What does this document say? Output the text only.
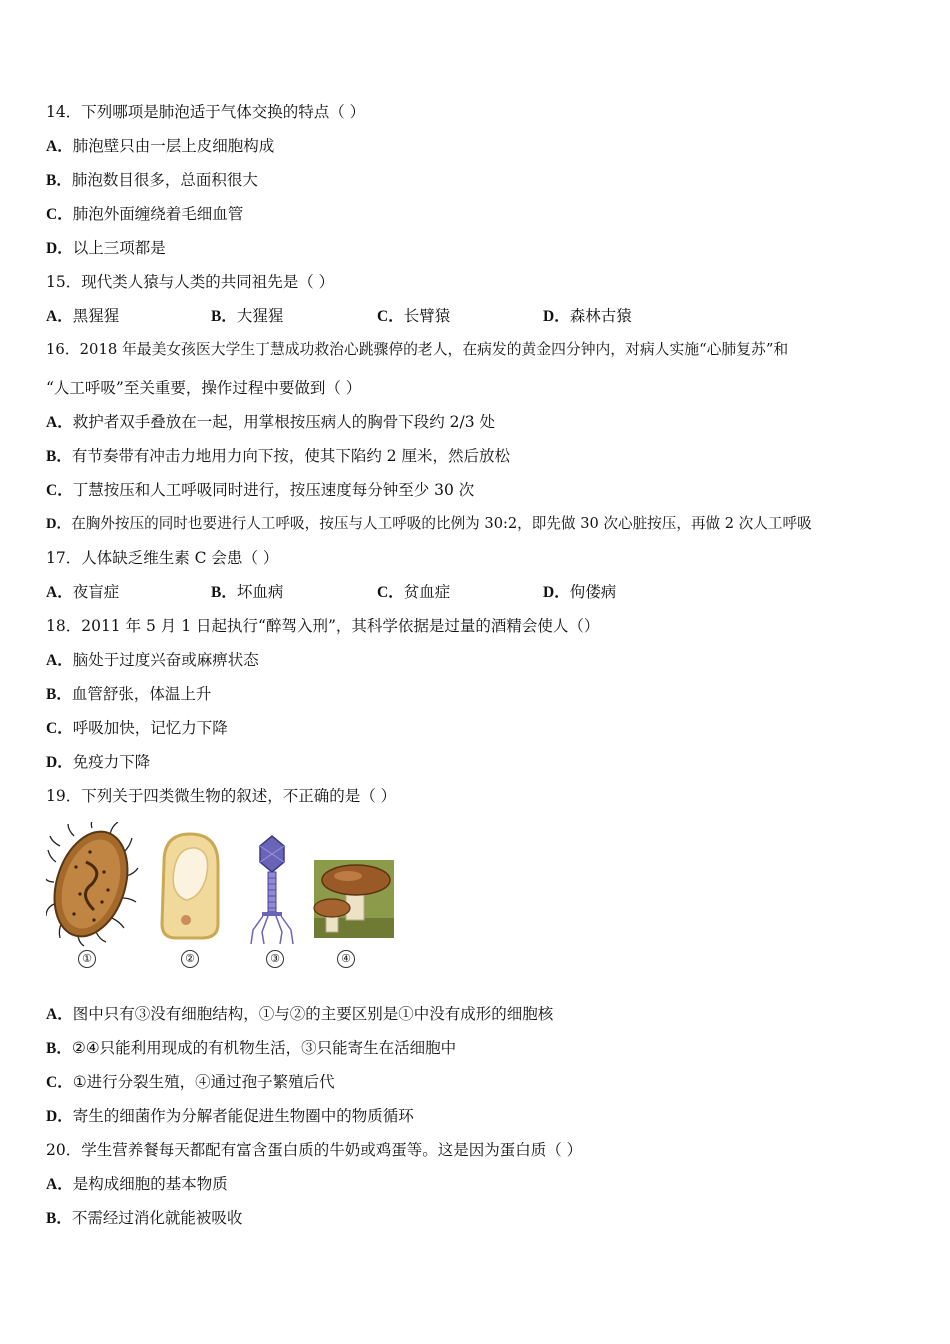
14．下列哪项是肺泡适于气体交换的特点（ ）
A．肺泡壁只由一层上皮细胞构成
B．肺泡数目很多，总面积很大
C．肺泡外面缠绕着毛细血管
D．以上三项都是
15．现代类人猿与人类的共同祖先是（ ）
A．黑猩猩	B．大猩猩	C．长臂猿	D．森林古猿
16．2018 年最美女孩医大学生丁慧成功救治心跳骤停的老人，在病发的黄金四分钟内，对病人实施“心肺复苏”和
“人工呼吸”至关重要，操作过程中要做到（ ）
A．救护者双手叠放在一起，用掌根按压病人的胸骨下段约 2/3 处
B．有节奏带有冲击力地用力向下按，使其下陷约 2 厘米，然后放松
C．丁慧按压和人工呼吸同时进行，按压速度每分钟至少 30 次
D．在胸外按压的同时也要进行人工呼吸，按压与人工呼吸的比例为 30:2，即先做 30 次心脏按压，再做 2 次人工呼吸
17．人体缺乏维生素 C 会患（ ）
A．夜盲症	B．坏血病	C．贫血症	D．佝偻病
18．2011 年 5 月 1 日起执行“醉驾入刑”，其科学依据是过量的酒精会使人（）
A．脑处于过度兴奋或麻痹状态
B．血管舒张，体温上升
C．呼吸加快，记忆力下降
D．免疫力下降
19．下列关于四类微生物的叙述，不正确的是（ ）
①	②	③	④
A．图中只有③没有细胞结构，①与②的主要区别是①中没有成形的细胞核
B．②④只能利用现成的有机物生活，③只能寄生在活细胞中
C．①进行分裂生殖，④通过孢子繁殖后代
D．寄生的细菌作为分解者能促进生物圈中的物质循环
20．学生营养餐每天都配有富含蛋白质的牛奶或鸡蛋等。这是因为蛋白质（ ）
A．是构成细胞的基本物质
B．不需经过消化就能被吸收
